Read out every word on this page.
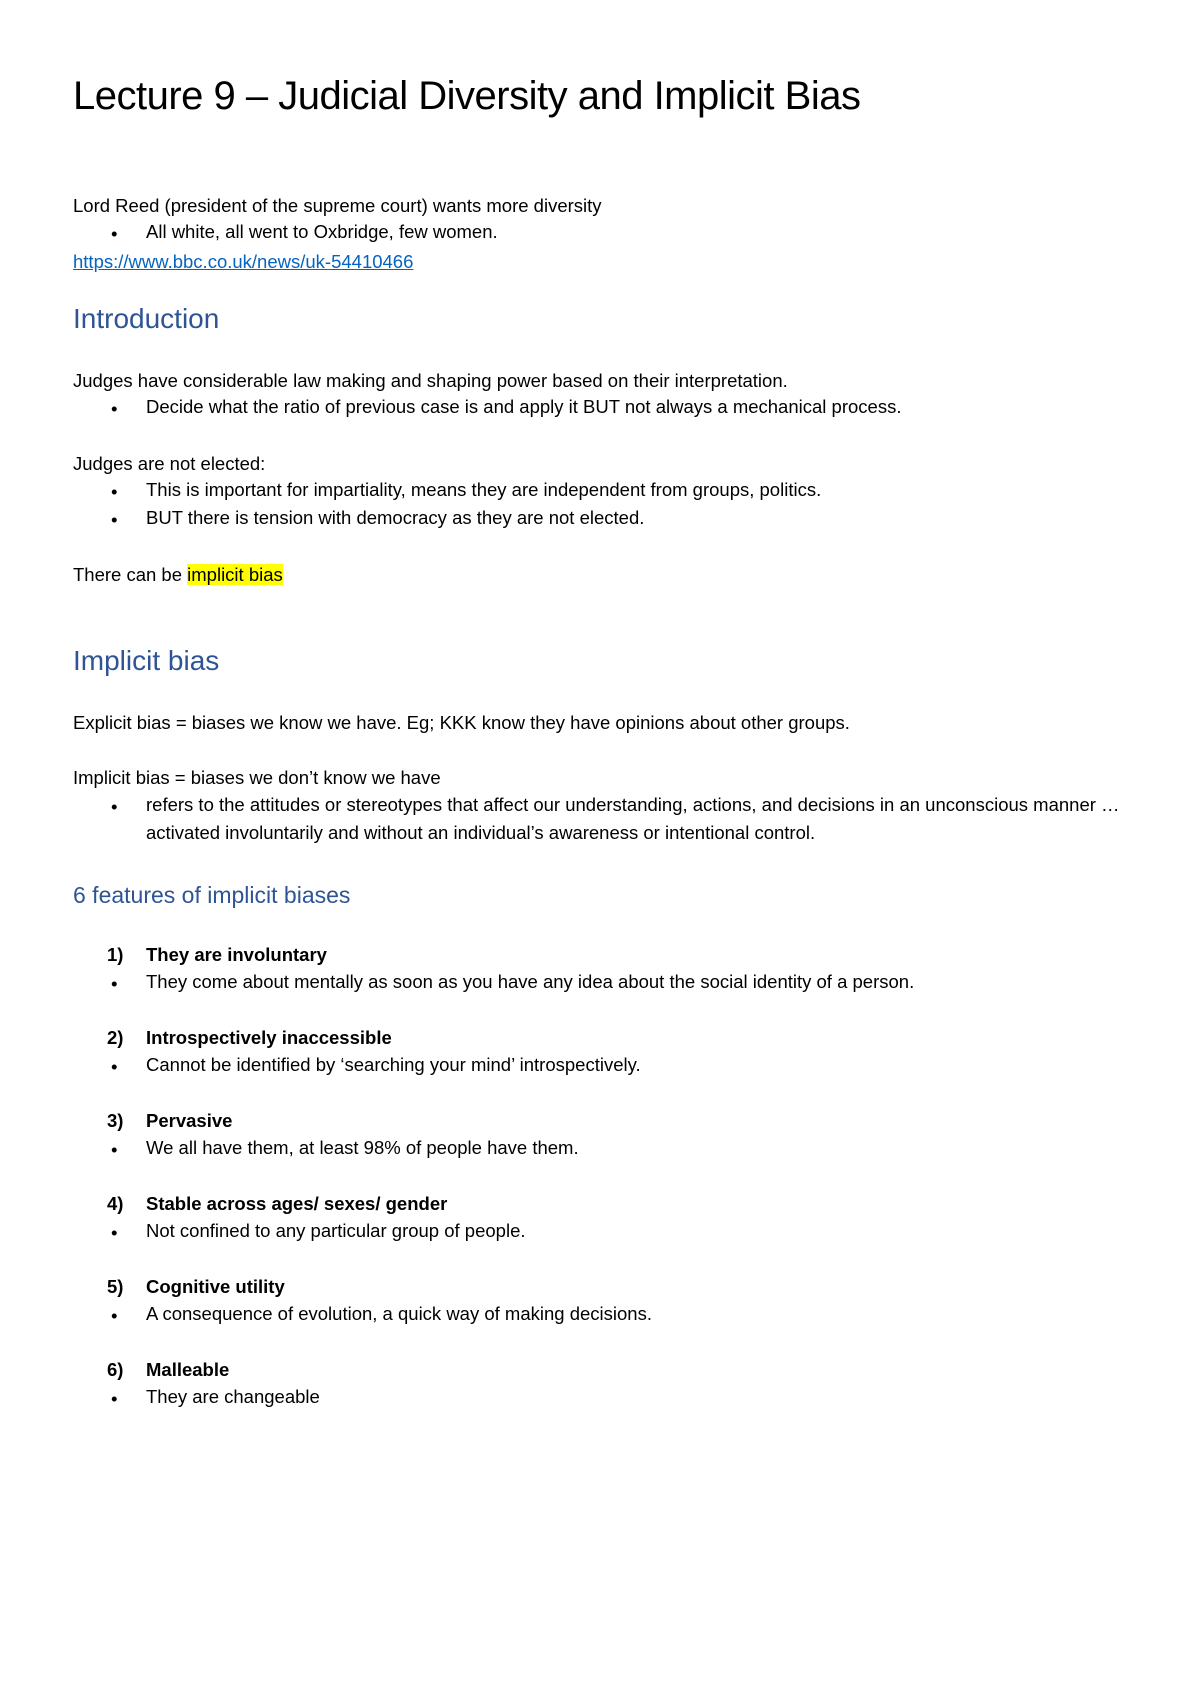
Lecture 9 – Judicial Diversity and Implicit Bias
Lord Reed (president of the supreme court) wants more diversity
• All white, all went to Oxbridge, few women.
https://www.bbc.co.uk/news/uk-54410466
Introduction
Judges have considerable law making and shaping power based on their interpretation.
• Decide what the ratio of previous case is and apply it BUT not always a mechanical process.
Judges are not elected:
• This is important for impartiality, means they are independent from groups, politics.
• BUT there is tension with democracy as they are not elected.
There can be implicit bias
Implicit bias
Explicit bias = biases we know we have. Eg; KKK know they have opinions about other groups.
Implicit bias = biases we don’t know we have
• refers to the attitudes or stereotypes that affect our understanding, actions, and decisions in an unconscious manner … activated involuntarily and without an individual’s awareness or intentional control.
6 features of implicit biases
1) They are involuntary
• They come about mentally as soon as you have any idea about the social identity of a person.
2) Introspectively inaccessible
• Cannot be identified by ‘searching your mind’ introspectively.
3) Pervasive
• We all have them, at least 98% of people have them.
4) Stable across ages/ sexes/ gender
• Not confined to any particular group of people.
5) Cognitive utility
• A consequence of evolution, a quick way of making decisions.
6) Malleable
• They are changeable
